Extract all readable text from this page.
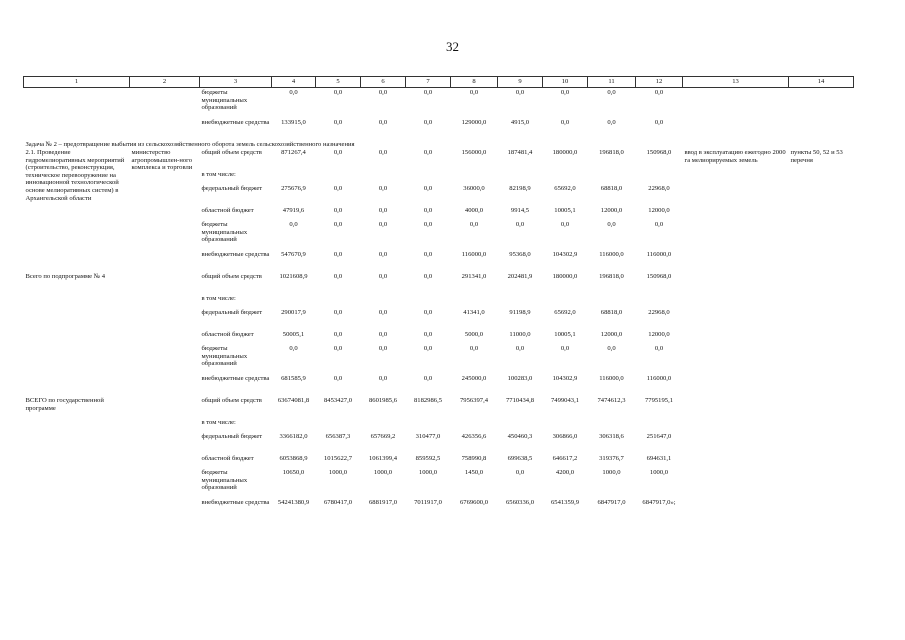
32
1	2	3	4	5	6	7	8	9	10	11	12	13	14
		бюджеты муниципальных образований	0,0	0,0	0,0	0,0	0,0	0,0	0,0	0,0	0,0		
		внебюджетные средства	133915,0	0,0	0,0	0,0	129000,0	4915,0	0,0	0,0	0,0		
Задача № 2 – предотвращение выбытия из сельскохозяйственного оборота земель сельскохозяйственного назначения													
2.1. Проведение гидромелиоративных мероприятий (строительство, реконструкция, техническое перевооружение на инновационной технологической основе мелиоративных систем) в Архангельской области	министерство агропромышлен-ного комплекса и торговли	общий объем средств	871267,4	0,0	0,0	0,0	156000,0	187481,4	180000,0	196818,0	150968,0	ввод в эксплуатацию ежегодно 2000 га мелиорируемых земель	пункты 50, 52 и 53 перечня
		в том числе:											
		федеральный бюджет	275676,9	0,0	0,0	0,0	36000,0	82198,9	65692,0	68818,0	22968,0		
		областной бюджет	47919,6	0,0	0,0	0,0	4000,0	9914,5	10005,1	12000,0	12000,0		
		бюджеты муниципальных образований	0,0	0,0	0,0	0,0	0,0	0,0	0,0	0,0	0,0		
		внебюджетные средства	547670,9	0,0	0,0	0,0	116000,0	95368,0	104302,9	116000,0	116000,0		
Всего по подпрограмме № 4		общий объем средств	1021608,9	0,0	0,0	0,0	291341,0	202481,9	180000,0	196818,0	150968,0		
		в том числе:											
		федеральный бюджет	290017,9	0,0	0,0	0,0	41341,0	91198,9	65692,0	68818,0	22968,0		
		областной бюджет	50005,1	0,0	0,0	0,0	5000,0	11000,0	10005,1	12000,0	12000,0		
		бюджеты муниципальных образований	0,0	0,0	0,0	0,0	0,0	0,0	0,0	0,0	0,0		
		внебюджетные средства	681585,9	0,0	0,0	0,0	245000,0	100283,0	104302,9	116000,0	116000,0		
ВСЕГО по государственной программе		общий объем средств	63674081,8	8453427,0	8601985,6	8182986,5	7956397,4	7710434,8	7499043,1	7474612,3	7795195,1		
		в том числе:											
		федеральный бюджет	3366182,0	656387,3	657669,2	310477,0	426356,6	450460,3	306866,0	306318,6	251647,0		
		областной бюджет	6053868,9	1015622,7	1061399,4	859592,5	758990,8	699638,5	646617,2	319376,7	694631,1		
		бюджеты муниципальных образований	10650,0	1000,0	1000,0	1000,0	1450,0	0,0	4200,0	1000,0	1000,0		
		внебюджетные средства	54241380,9	6780417,0	6881917,0	7011917,0	6769600,0	6560336,0	6541359,9	6847917,0	6847917,0»;		
